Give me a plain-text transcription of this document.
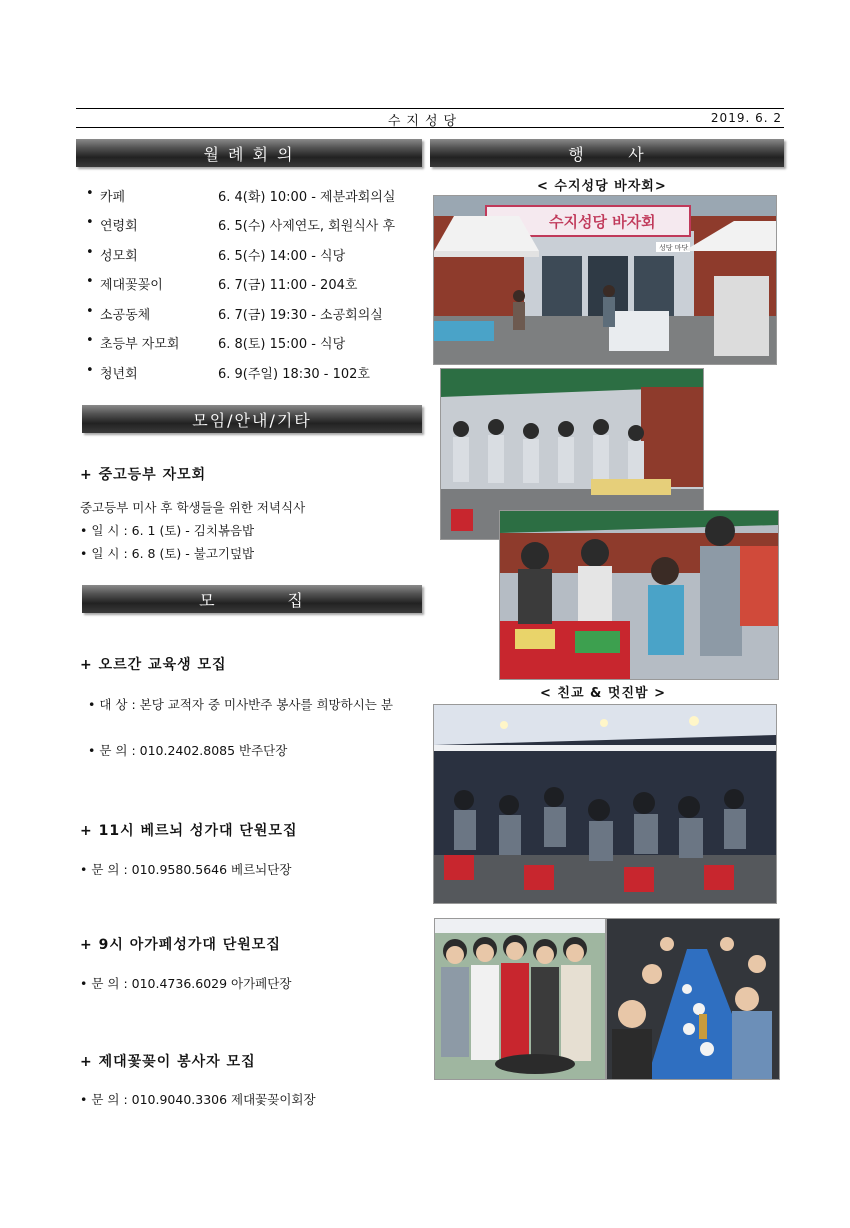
수지성당	2019. 6. 2
월 례 회 의
• 카페	6. 4(화) 10:00 - 제분과회의실
• 연령회	6. 5(수) 사제연도, 회원식사 후
• 성모회	6. 5(수) 14:00 - 식당
• 제대꽃꽂이	6. 7(금) 11:00 - 204호
• 소공동체	6. 7(금) 19:30 - 소공회의실
• 초등부 자모회	6. 8(토) 15:00 - 식당
• 청년회	6. 9(주일) 18:30 - 102호
모임/안내/기타
+ 중고등부 자모회
중고등부 미사 후 학생들을 위한 저녁식사
• 일 시 : 6. 1 (토) - 김치볶음밥
• 일 시 : 6. 8 (토) - 불고기덮밥
모          집
+ 오르간 교육생 모집
• 대 상 : 본당 교적자 중 미사반주 봉사를 희망하시는 분
• 문 의 : 010.2402.8085 반주단장
+ 11시 베르뇌 성가대 단원모집
• 문 의 : 010.9580.5646 베르뇌단장
+ 9시 아가페성가대 단원모집
• 문 의 : 010.4736.6029 아가페단장
+ 제대꽃꽂이 봉사자 모집
• 문 의 : 010.9040.3306 제대꽃꽂이회장
행      사
< 수지성당 바자회>
수지성당 바자회
성당 마당
< 친교 & 멋진밤 >
